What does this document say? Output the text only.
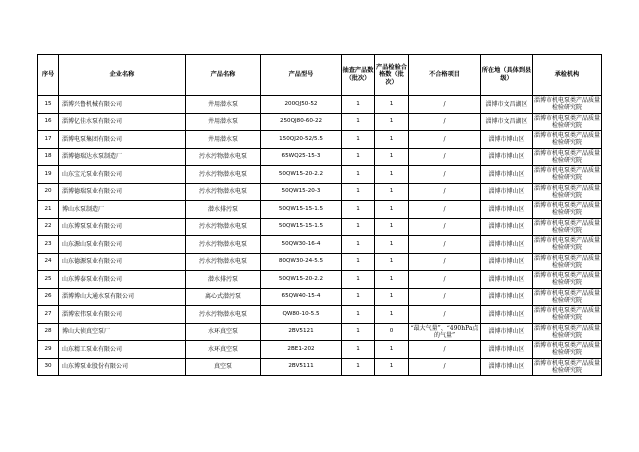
序号	企业名称	产品名称	产品型号	抽查产品数（批次）	产品检验合格数（批次）	不合格项目	所在地（具体到县级）	承检机构
15	淄博兴鲁机械有限公司	井用潜水泵	200QJ50-52	1	1	/	淄博市文昌湖区	淄博市机电泵类产品质量检验研究院
16	淄博亿佳水泵有限公司	井用潜水泵	250QJ80-60-22	1	1	/	淄博市文昌湖区	淄博市机电泵类产品质量检验研究院
17	淄博电泵集团有限公司	井用潜水泵	150QJ20-52/5.5	1	1	/	淄博市博山区	淄博市机电泵类产品质量检验研究院
18	淄博德瑞达水泵制造厂	污水污物潜水电泵	65WQ25-15-3	1	1	/	淄博市博山区	淄博市机电泵类产品质量检验研究院
19	山东宝元泵业有限公司	污水污物潜水电泵	50QW15-20-2.2	1	1	/	淄博市博山区	淄博市机电泵类产品质量检验研究院
20	淄博德瑞泵业有限公司	污水污物潜水电泵	50QW15-20-3	1	1	/	淄博市博山区	淄博市机电泵类产品质量检验研究院
21	博山水泵制造厂	潜水排污泵	50QW15-15-1.5	1	1	/	淄博市博山区	淄博市机电泵类产品质量检验研究院
22	山东博泵泵业有限公司	污水污物潜水电泵	50QW15-15-1.5	1	1	/	淄博市博山区	淄博市机电泵类产品质量检验研究院
23	山东源山泵业有限公司	污水污物潜水电泵	50QW30-16-4	1	1	/	淄博市博山区	淄博市机电泵类产品质量检验研究院
24	山东德源泵业有限公司	污水污物潜水电泵	80QW30-24-5.5	1	1	/	淄博市博山区	淄博市机电泵类产品质量检验研究院
25	山东博泰泵业有限公司	潜水排污泵	50QW15-20-2.2	1	1	/	淄博市博山区	淄博市机电泵类产品质量检验研究院
26	淄博博山大通水泵有限公司	离心式潜污泵	65QW40-15-4	1	1	/	淄博市博山区	淄博市机电泵类产品质量检验研究院
27	淄博宏伟泵业有限公司	污水污物潜水电泵	QW80-10-5.5	1	1	/	淄博市博山区	淄博市机电泵类产品质量检验研究院
28	博山大侦真空泵厂	水环真空泵	2BV5121	1	0	“最大气量”、“490hPa点的气量”	淄博市博山区	淄博市机电泵类产品质量检验研究院
29	山东精工泵业有限公司	水环真空泵	2BE1-202	1	1	/	淄博市博山区	淄博市机电泵类产品质量检验研究院
30	山东博泵业股份有限公司	真空泵	2BV5111	1	1	/	淄博市博山区	淄博市机电泵类产品质量检验研究院
